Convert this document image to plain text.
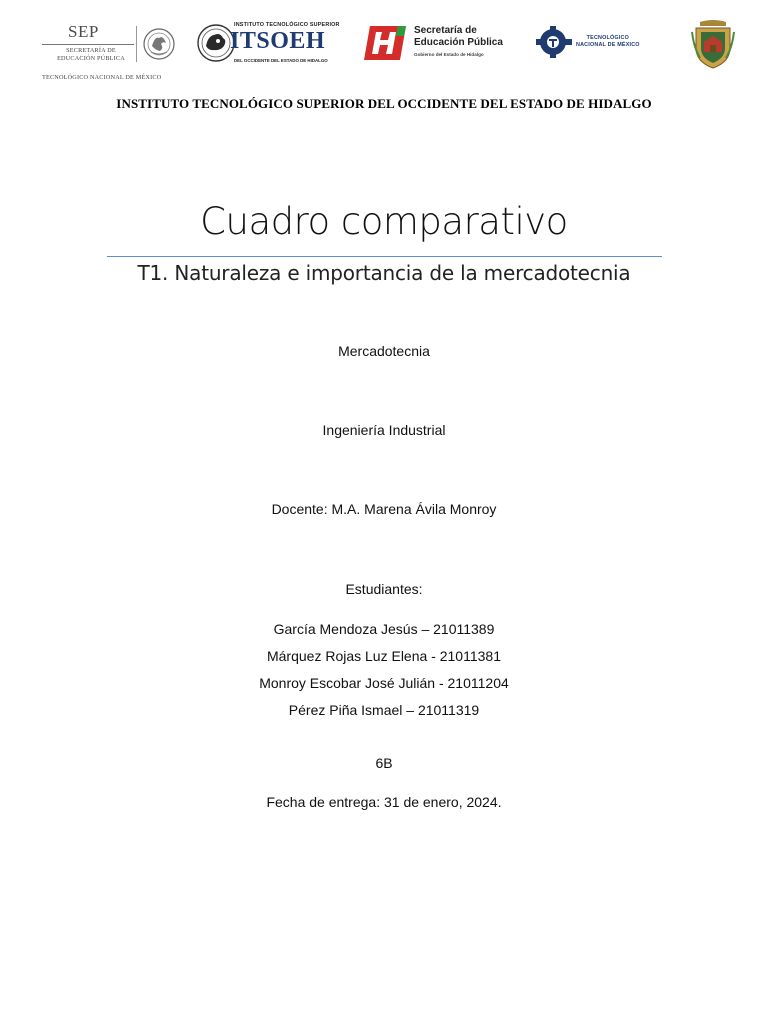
SEP
SECRETARÍA DE EDUCACIÓN PÚBLICA
TECNOLÓGICO NACIONAL DE MÉXICO
INSTITUTO TECNOLÓGICO SUPERIOR
ITSOEH
DEL OCCIDENTE DEL ESTADO DE HIDALGO
Secretaría de
Educación Pública
Gobierno del Estado de Hidalgo
TECNOLÓGICO
NACIONAL DE MÉXICO
INSTITUTO TECNOLÓGICO SUPERIOR DEL OCCIDENTE DEL ESTADO DE HIDALGO
Cuadro comparativo
T1. Naturaleza e importancia de la mercadotecnia
Mercadotecnia
Ingeniería Industrial
Docente: M.A. Marena Ávila Monroy
Estudiantes:
García Mendoza Jesús – 21011389
Márquez Rojas Luz Elena - 21011381
Monroy Escobar José Julián - 21011204
Pérez Piña Ismael – 21011319
6B
Fecha de entrega: 31 de enero, 2024.
